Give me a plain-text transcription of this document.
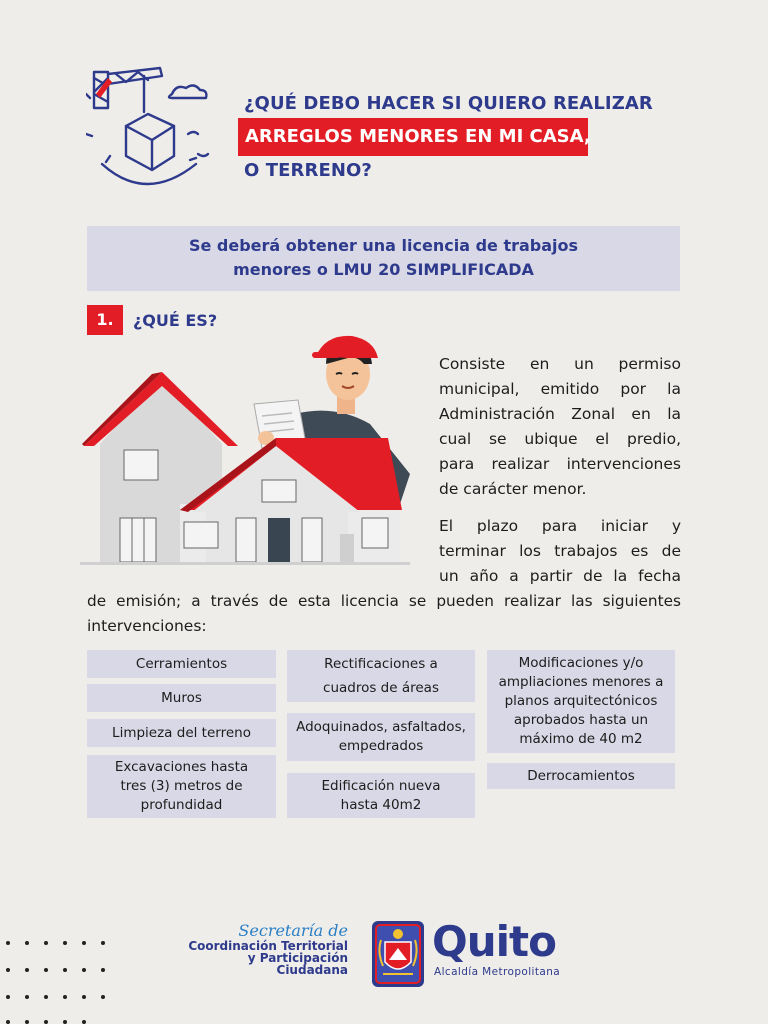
¿QUÉ DEBO HACER SI QUIERO REALIZAR
ARREGLOS MENORES EN MI CASA,
O TERRENO?
Se deberá obtener una licencia de trabajos
menores o LMU 20 SIMPLIFICADA
1.	¿QUÉ ES?
Consiste en un permiso
municipal, emitido por la
Administración Zonal en la
cual se ubique el predio,
para realizar intervenciones
de carácter menor.
El plazo para iniciar y
terminar los trabajos es de
un año a partir de la fecha
de emisión; a través de esta licencia se pueden realizar las siguientes
intervenciones:
Cerramientos
Muros
Limpieza del terreno
Excavaciones hasta tres (3) metros de profundidad
Rectificaciones a cuadros de áreas
Adoquinados, asfaltados, empedrados
Edificación nueva hasta 40m2
Modificaciones y/o ampliaciones menores a planos arquitectónicos aprobados hasta un máximo de 40 m2
Derrocamientos
Secretaría de
Coordinación Territorial
y Participación
Ciudadana
Quito
Alcaldía Metropolitana
